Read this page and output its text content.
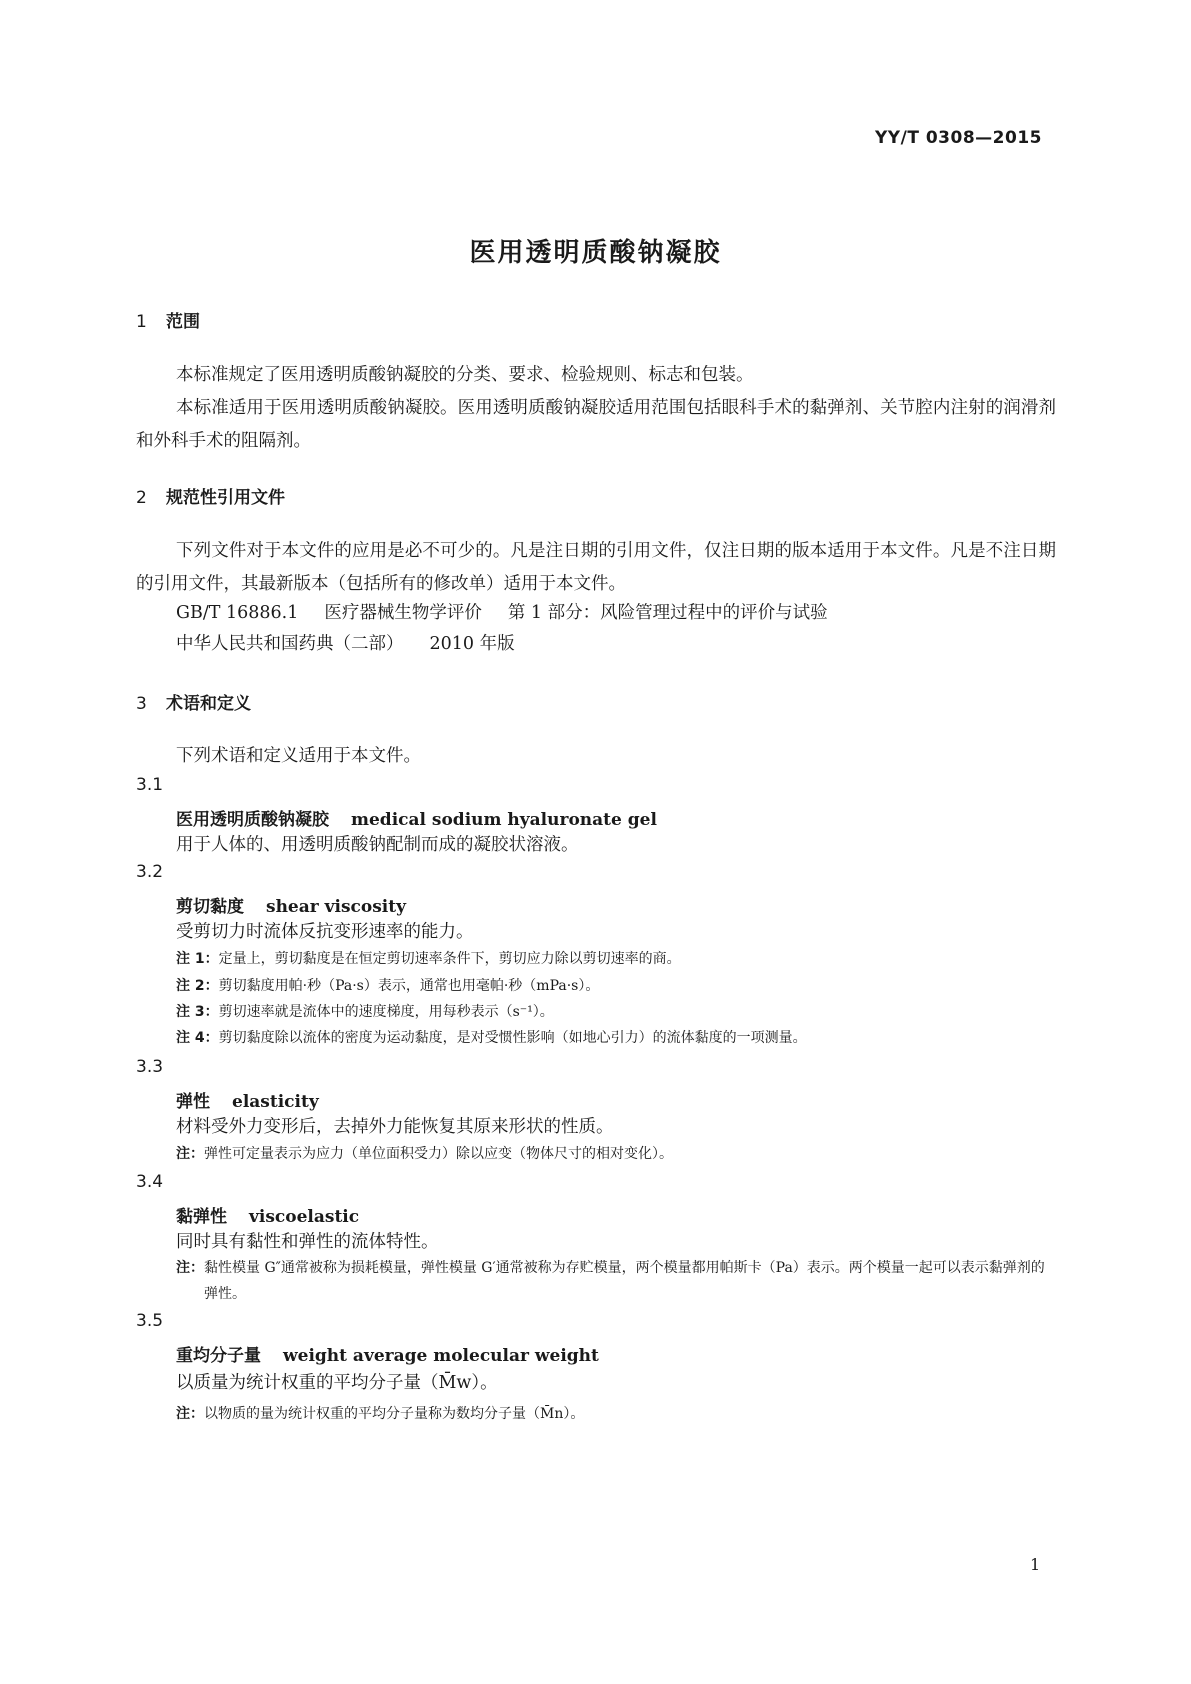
YY/T 0308—2015
医用透明质酸钠凝胶
1 范围
本标准规定了医用透明质酸钠凝胶的分类、要求、检验规则、标志和包装。
本标准适用于医用透明质酸钠凝胶。医用透明质酸钠凝胶适用范围包括眼科手术的黏弹剂、关节腔内注射的润滑剂和外科手术的阻隔剂。
2 规范性引用文件
下列文件对于本文件的应用是必不可少的。凡是注日期的引用文件，仅注日期的版本适用于本文件。凡是不注日期的引用文件，其最新版本（包括所有的修改单）适用于本文件。
GB/T 16886.1 医疗器械生物学评价 第 1 部分：风险管理过程中的评价与试验
中华人民共和国药典（二部） 2010 年版
3 术语和定义
下列术语和定义适用于本文件。
3.1
医用透明质酸钠凝胶 medical sodium hyaluronate gel
用于人体的、用透明质酸钠配制而成的凝胶状溶液。
3.2
剪切黏度 shear viscosity
受剪切力时流体反抗变形速率的能力。
注 1：定量上，剪切黏度是在恒定剪切速率条件下，剪切应力除以剪切速率的商。
注 2：剪切黏度用帕·秒（Pa·s）表示，通常也用毫帕·秒（mPa·s）。
注 3：剪切速率就是流体中的速度梯度，用每秒表示（s⁻¹）。
注 4：剪切黏度除以流体的密度为运动黏度，是对受惯性影响（如地心引力）的流体黏度的一项测量。
3.3
弹性 elasticity
材料受外力变形后，去掉外力能恢复其原来形状的性质。
注：弹性可定量表示为应力（单位面积受力）除以应变（物体尺寸的相对变化）。
3.4
黏弹性 viscoelastic
同时具有黏性和弹性的流体特性。
注： 黏性模量 G″通常被称为损耗模量，弹性模量 G′通常被称为存贮模量，两个模量都用帕斯卡（Pa）表示。两个模量一起可以表示黏弹剂的弹性。
3.5
重均分子量 weight average molecular weight
以质量为统计权重的平均分子量（M̄w）。
注：以物质的量为统计权重的平均分子量称为数均分子量（M̄n）。
1
